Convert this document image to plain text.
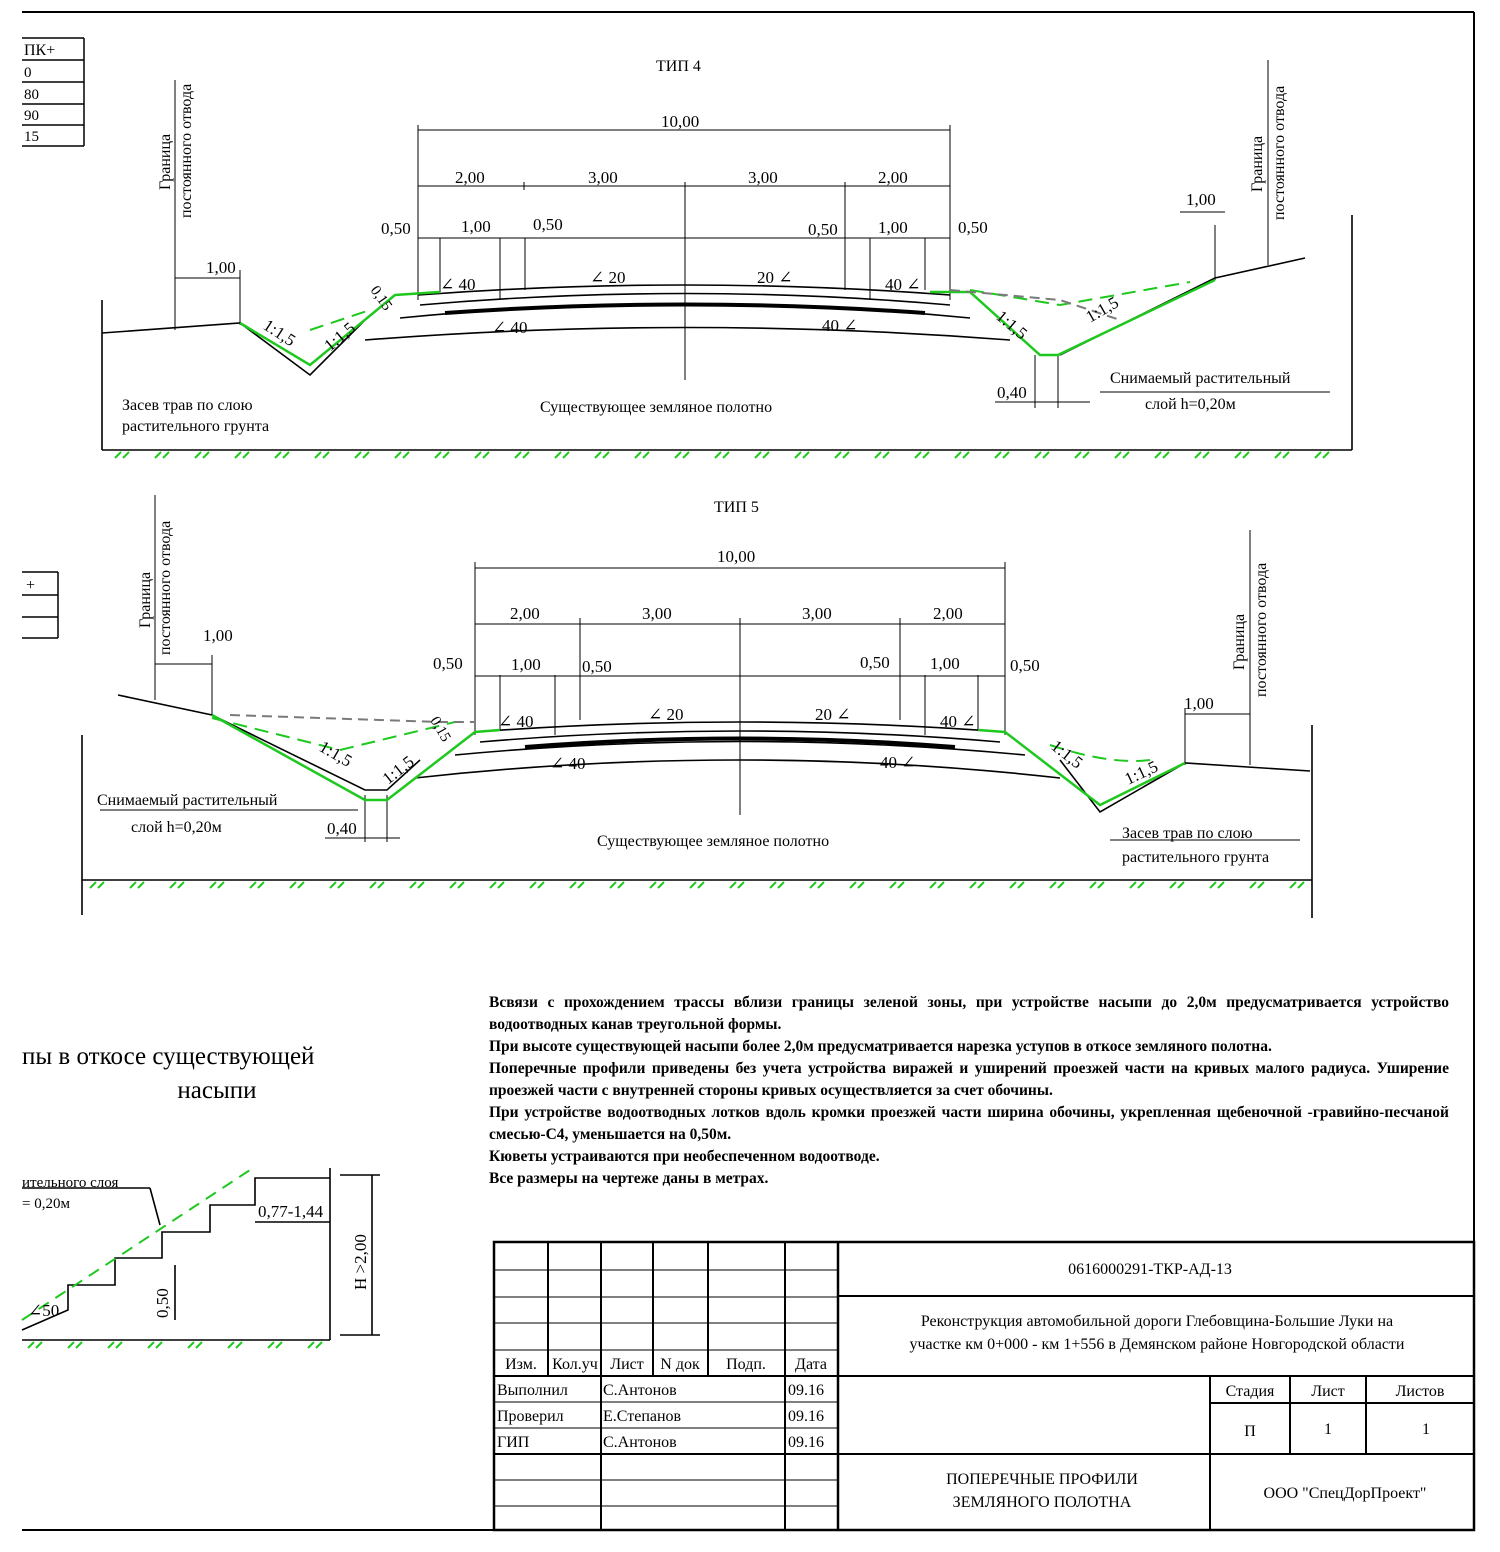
ТИП 4
ПК+
0
80
90
15
10,00
2,00	3,00	3,00	2,00
0,50	1,00 0,50	0,50 1,00	0,50
1,00
1,00
0,40
Граница постоянного отвода	Граница постоянного отвода
1:1,5 1:1,5
0,15
1:1,5	1:1,5
∠ 40	∠ 20	20 ∠	40 ∠
∠ 40	40 ∠
Засев трав по слою
растительного грунта
Существующее земляное полотно
Снимаемый растительный
слой h=0,20м
ТИП 5
+
10,00
2,00	3,00	3,00	2,00
0,50	1,00 0,50	0,50 1,00	0,50
1,00
1,00
0,40
Граница постоянного отвода	Граница постоянного отвода
1:1,5 1:1,5
0,15
1:1,5
1:1,5
∠ 40	∠ 20	20 ∠	40 ∠
∠ 40	40 ∠
Снимаемый растительный
слой h=0,20м
Существующее земляное полотно	Засев трав по слою
растительного грунта
ительного слоя
= 0,20м	0,77-1,44
0,50
H >2,00
∠50
0616000291-ТКР-АД-13
Реконструкция автомобильной дороги Глебовщина-Большие Луки на
участке км 0+000 - км 1+556 в Демянском районе Новгородской области
Изм. Кол.уч Лист N док Подп. Дата
Выполнил С.Антонов	09.16
Проверил Е.Степанов	09.16
ГИП	С.Антонов	09.16
Стадия Лист	Листов
П	1	1
ПОПЕРЕЧНЫЕ ПРОФИЛИ
ЗЕМЛЯНОГО ПОЛОТНА
ООО "СпецДорПроект"
пы в откосе существующей
насыпи
Всвязи с прохождением трассы вблизи границы зеленой зоны, при устройстве насыпи до 2,0м предусматривается устройство водоотводных канав треугольной формы.
При высоте существующей насыпи более 2,0м предусматривается нарезка уступов в откосе земляного полотна.
Поперечные профили приведены без учета устройства виражей и уширений проезжей части на кривых малого радиуса. Уширение проезжей части с внутренней стороны кривых осуществляется за счет обочины.
При устройстве водоотводных лотков вдоль кромки проезжей части ширина обочины, укрепленная щебеночной -гравийно-песчаной смесью-С4, уменьшается на 0,50м.
Кюветы устраиваются при необеспеченном водоотводе.
Все размеры на чертеже даны в метрах.
